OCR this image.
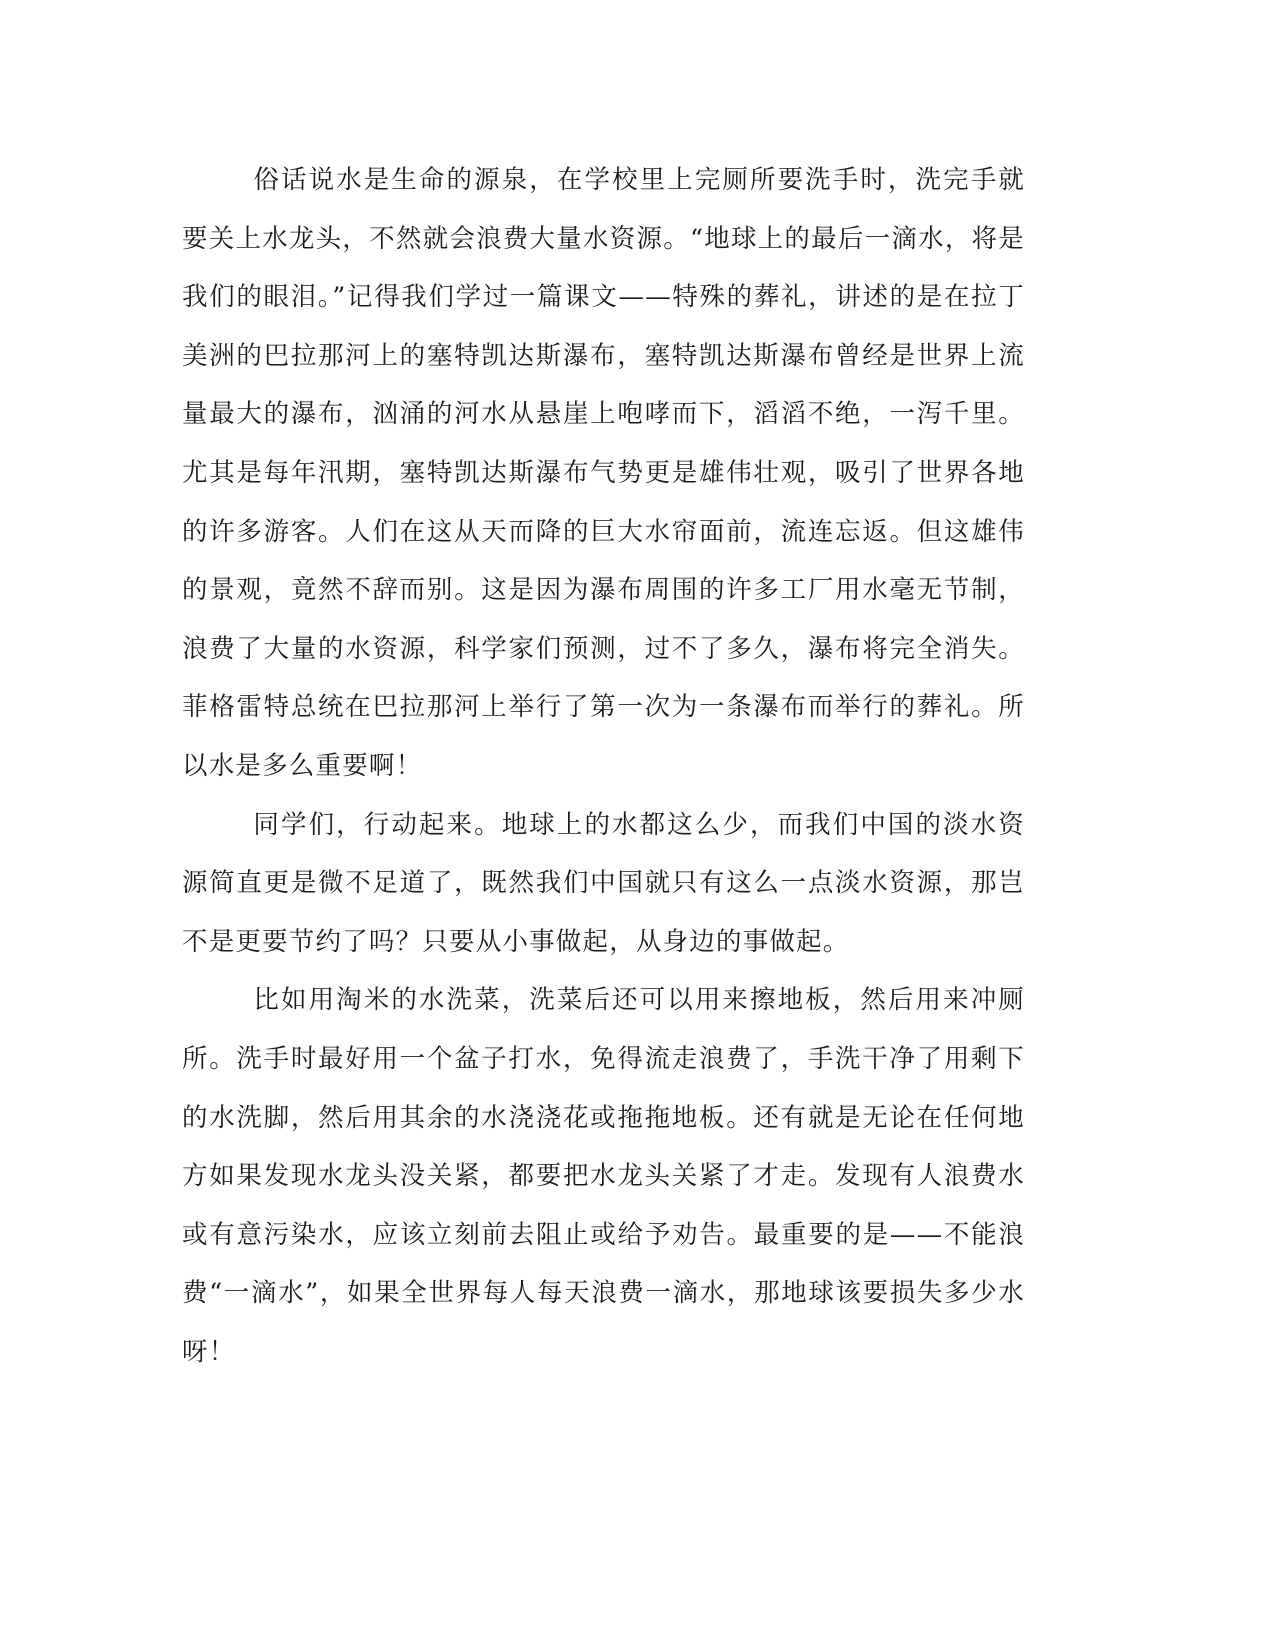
俗话说水是生命的源泉，在学校里上完厕所要洗手时，洗完手就要关上水龙头，不然就会浪费大量水资源。“地球上的最后一滴水，将是我们的眼泪。”记得我们学过一篇课文——特殊的葬礼，讲述的是在拉丁美洲的巴拉那河上的塞特凯达斯瀑布，塞特凯达斯瀑布曾经是世界上流量最大的瀑布，汹涌的河水从悬崖上咆哮而下，滔滔不绝，一泻千里。尤其是每年汛期，塞特凯达斯瀑布气势更是雄伟壮观，吸引了世界各地的许多游客。人们在这从天而降的巨大水帘面前，流连忘返。但这雄伟的景观，竟然不辞而别。这是因为瀑布周围的许多工厂用水毫无节制，浪费了大量的水资源，科学家们预测，过不了多久，瀑布将完全消失。菲格雷特总统在巴拉那河上举行了第一次为一条瀑布而举行的葬礼。所以水是多么重要啊！

同学们，行动起来。地球上的水都这么少，而我们中国的淡水资源简直更是微不足道了，既然我们中国就只有这么一点淡水资源，那岂不是更要节约了吗？只要从小事做起，从身边的事做起。

比如用淘米的水洗菜，洗菜后还可以用来擦地板，然后用来冲厕所。洗手时最好用一个盆子打水，免得流走浪费了，手洗干净了用剩下的水洗脚，然后用其余的水浇浇花或拖拖地板。还有就是无论在任何地方如果发现水龙头没关紧，都要把水龙头关紧了才走。发现有人浪费水或有意污染水，应该立刻前去阻止或给予劝告。最重要的是——不能浪费“一滴水”，如果全世界每人每天浪费一滴水，那地球该要损失多少水呀！
